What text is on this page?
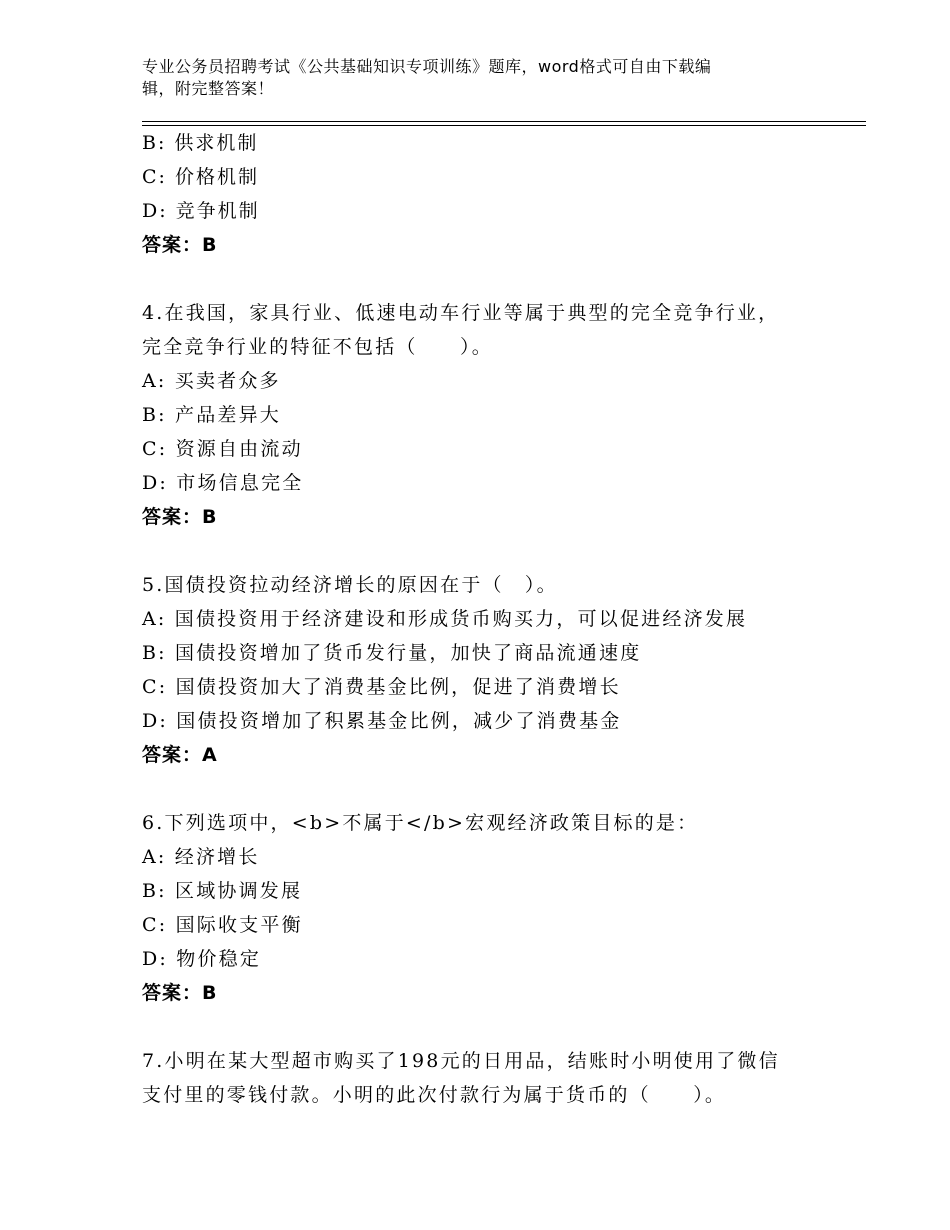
专业公务员招聘考试《公共基础知识专项训练》题库，word格式可自由下载编
辑，附完整答案！
B: 供求机制
C: 价格机制
D: 竞争机制
答案：B
4.在我国，家具行业、低速电动车行业等属于典型的完全竞争行业，
完全竞争行业的特征不包括（　　）。
A: 买卖者众多
B: 产品差异大
C: 资源自由流动
D: 市场信息完全
答案：B
5.国债投资拉动经济增长的原因在于（　）。
A: 国债投资用于经济建设和形成货币购买力，可以促进经济发展
B: 国债投资增加了货币发行量，加快了商品流通速度
C: 国债投资加大了消费基金比例，促进了消费增长
D: 国债投资增加了积累基金比例，减少了消费基金
答案：A
6.下列选项中，<b>不属于</b>宏观经济政策目标的是：
A: 经济增长
B: 区域协调发展
C: 国际收支平衡
D: 物价稳定
答案：B
7.小明在某大型超市购买了198元的日用品，结账时小明使用了微信
支付里的零钱付款。小明的此次付款行为属于货币的（　　）。
